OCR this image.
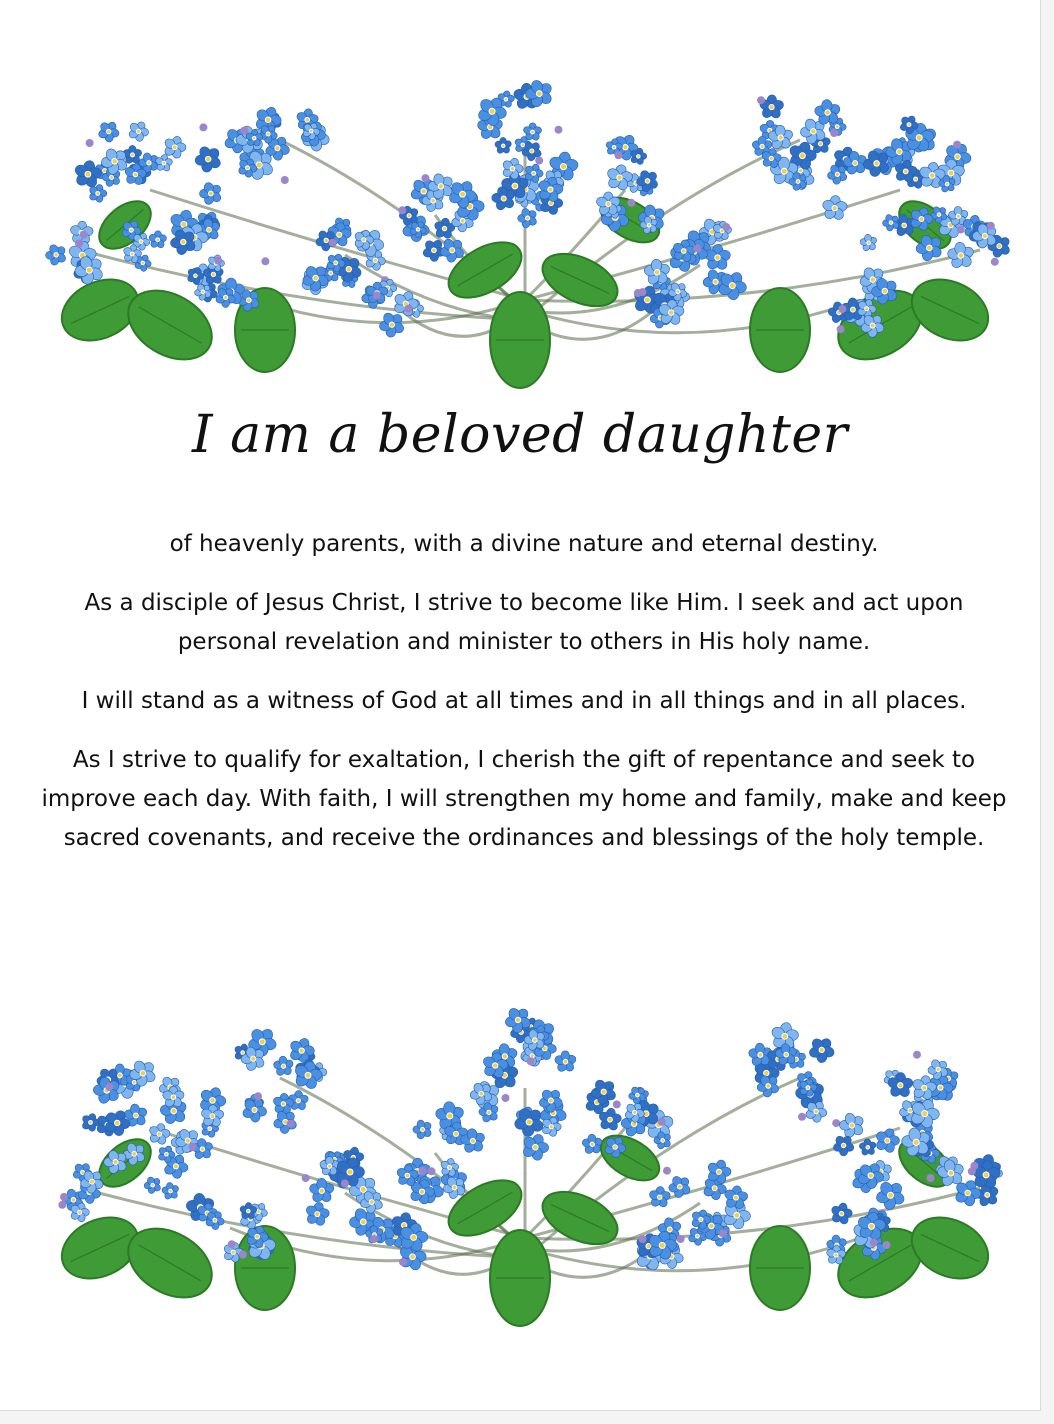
I am a beloved daughter

of heavenly parents, with a divine nature and eternal destiny.

As a disciple of Jesus Christ, I strive to become like Him. I seek and act upon personal revelation and minister to others in His holy name.

I will stand as a witness of God at all times and in all things and in all places.

As I strive to qualify for exaltation, I cherish the gift of repentance and seek to improve each day. With faith, I will strengthen my home and family, make and keep sacred covenants, and receive the ordinances and blessings of the holy temple.
